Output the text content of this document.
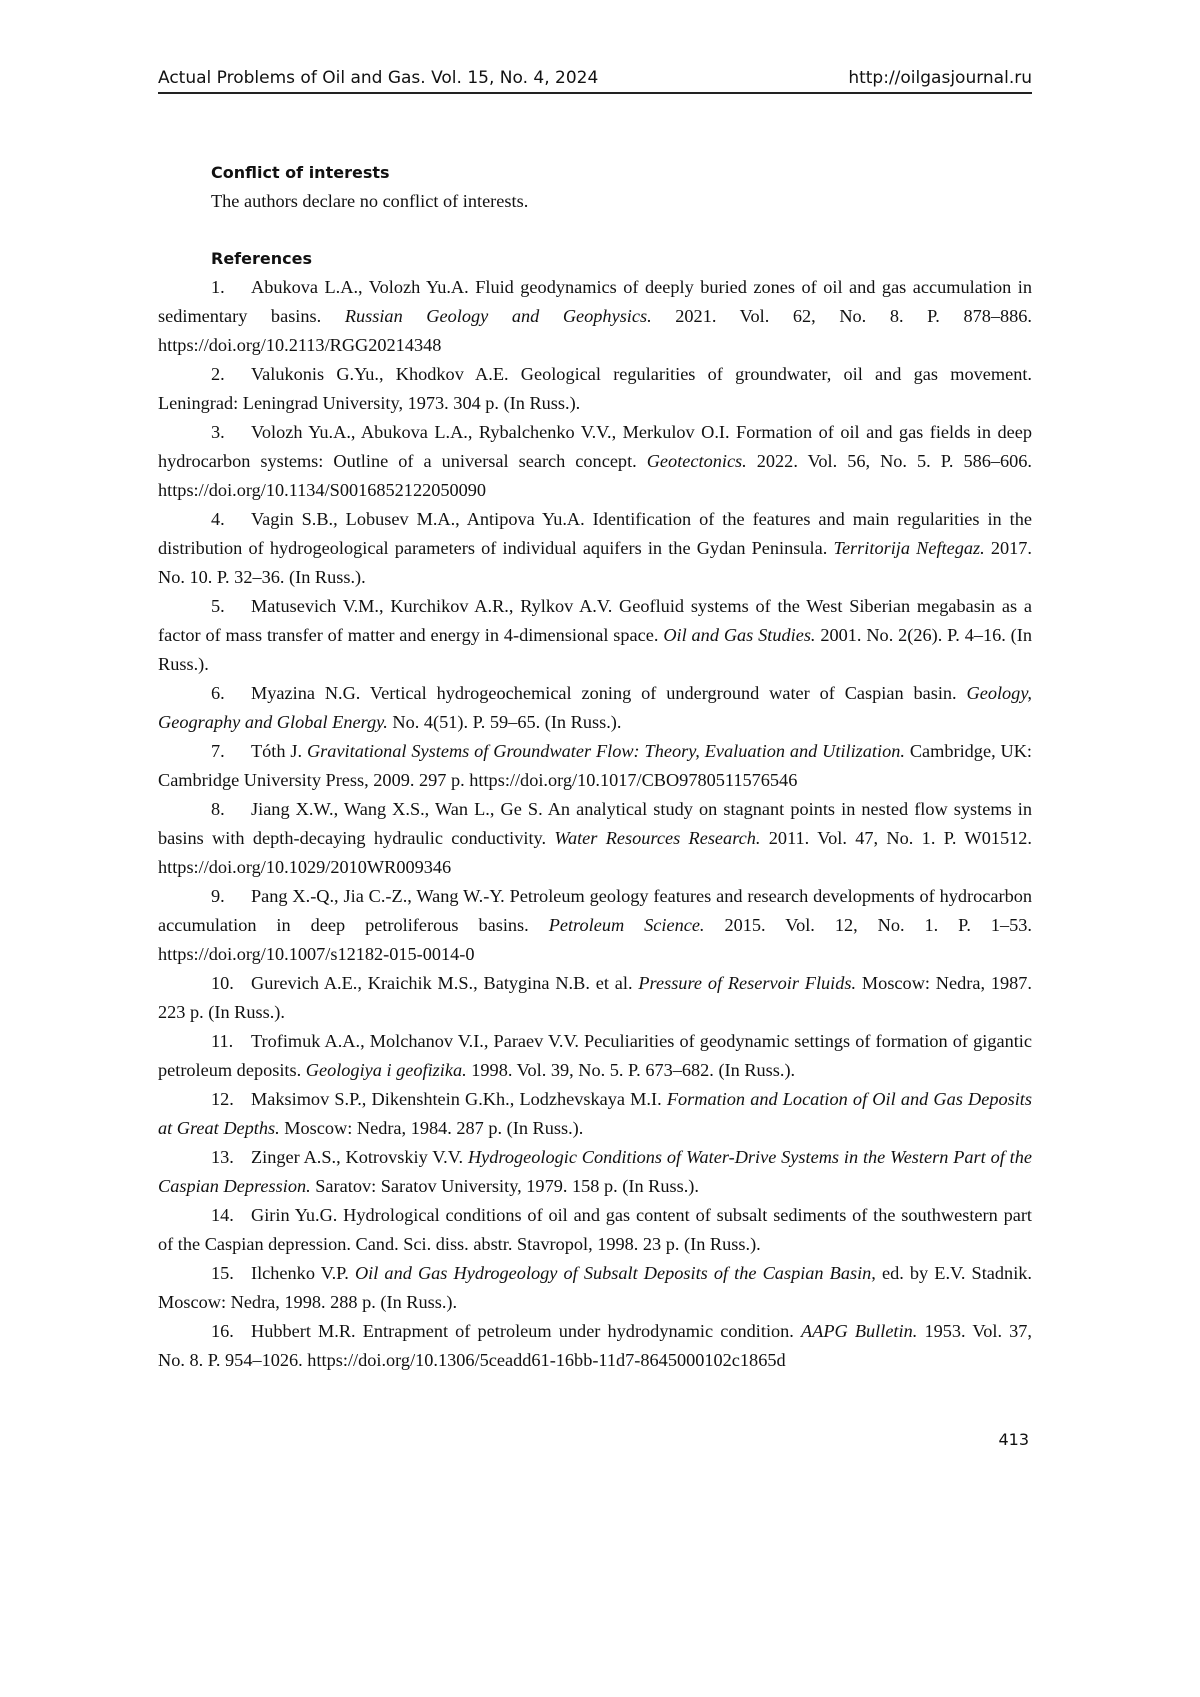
Actual Problems of Oil and Gas. Vol. 15, No. 4, 2024	http://oilgasjournal.ru
Conflict of interests

The authors declare no conflict of interests.

References

1. Abukova L.A., Volozh Yu.A. Fluid geodynamics of deeply buried zones of oil and gas accumulation in sedimentary basins. Russian Geology and Geophysics. 2021. Vol. 62, No. 8. P. 878–886. https://doi.org/10.2113/RGG20214348

2. Valukonis G.Yu., Khodkov A.E. Geological regularities of groundwater, oil and gas movement. Leningrad: Leningrad University, 1973. 304 p. (In Russ.).

3. Volozh Yu.A., Abukova L.A., Rybalchenko V.V., Merkulov O.I. Formation of oil and gas fields in deep hydrocarbon systems: Outline of a universal search concept. Geotectonics. 2022. Vol. 56, No. 5. P. 586–606. https://doi.org/10.1134/S0016852122050090

4. Vagin S.B., Lobusev M.A., Antipova Yu.A. Identification of the features and main regularities in the distribution of hydrogeological parameters of individual aquifers in the Gydan Peninsula. Territorija Neftegaz. 2017. No. 10. P. 32–36. (In Russ.).

5. Matusevich V.M., Kurchikov A.R., Rylkov A.V. Geofluid systems of the West Siberian megabasin as a factor of mass transfer of matter and energy in 4-dimensional space. Oil and Gas Studies. 2001. No. 2(26). P. 4–16. (In Russ.).

6. Myazina N.G. Vertical hydrogeochemical zoning of underground water of Caspian basin. Geology, Geography and Global Energy. No. 4(51). P. 59–65. (In Russ.).

7. Tóth J. Gravitational Systems of Groundwater Flow: Theory, Evaluation and Utilization. Cambridge, UK: Cambridge University Press, 2009. 297 p. https://doi.org/10.1017/CBO9780511576546

8. Jiang X.W., Wang X.S., Wan L., Ge S. An analytical study on stagnant points in nested flow systems in basins with depth-decaying hydraulic conductivity. Water Resources Research. 2011. Vol. 47, No. 1. P. W01512. https://doi.org/10.1029/2010WR009346

9. Pang X.-Q., Jia C.-Z., Wang W.-Y. Petroleum geology features and research developments of hydrocarbon accumulation in deep petroliferous basins. Petroleum Science. 2015. Vol. 12, No. 1. P. 1–53. https://doi.org/10.1007/s12182-015-0014-0

10. Gurevich A.E., Kraichik M.S., Batygina N.B. et al. Pressure of Reservoir Fluids. Moscow: Nedra, 1987. 223 p. (In Russ.).

11. Trofimuk A.A., Molchanov V.I., Paraev V.V. Peculiarities of geodynamic settings of formation of gigantic petroleum deposits. Geologiya i geofizika. 1998. Vol. 39, No. 5. P. 673–682. (In Russ.).

12. Maksimov S.P., Dikenshtein G.Kh., Lodzhevskaya M.I. Formation and Location of Oil and Gas Deposits at Great Depths. Moscow: Nedra, 1984. 287 p. (In Russ.).

13. Zinger A.S., Kotrovskiy V.V. Hydrogeologic Conditions of Water-Drive Systems in the Western Part of the Caspian Depression. Saratov: Saratov University, 1979. 158 p. (In Russ.).

14. Girin Yu.G. Hydrological conditions of oil and gas content of subsalt sediments of the southwestern part of the Caspian depression. Cand. Sci. diss. abstr. Stavropol, 1998. 23 p. (In Russ.).

15. Ilchenko V.P. Oil and Gas Hydrogeology of Subsalt Deposits of the Caspian Basin, ed. by E.V. Stadnik. Moscow: Nedra, 1998. 288 p. (In Russ.).

16. Hubbert M.R. Entrapment of petroleum under hydrodynamic condition. AAPG Bulletin. 1953. Vol. 37, No. 8. P. 954–1026. https://doi.org/10.1306/5ceadd61-16bb-11d7-8645000102c1865d

413
